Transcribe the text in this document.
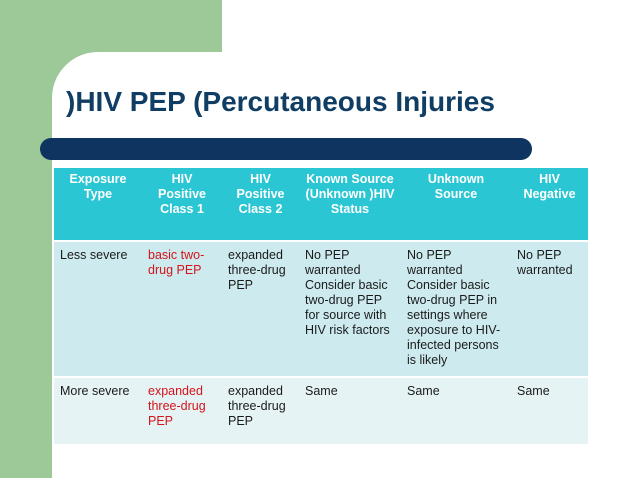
)HIV PEP (Percutaneous Injuries
Exposure Type	HIV Positive Class 1	HIV Positive Class 2	Known Source (Unknown )HIV Status	Unknown Source	HIV Negative
Less severe	basic two-drug PEP	expanded three-drug PEP	No PEP warranted Consider basic two-drug PEP for source with HIV risk factors	No PEP warranted Consider basic two-drug PEP in settings where exposure to HIV-infected persons is likely	No PEP warranted
More severe	expanded three-drug PEP	expanded three-drug PEP	Same	Same	Same
